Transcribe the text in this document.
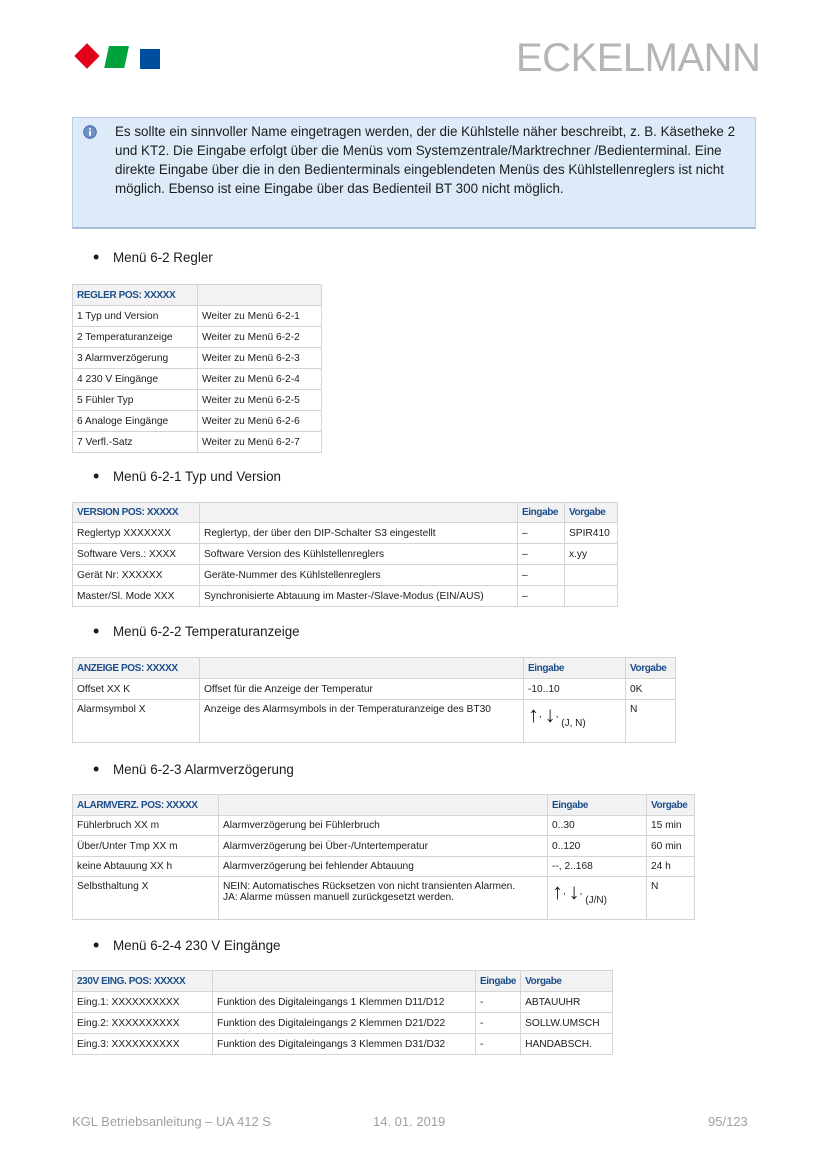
ECKELMANN
Es sollte ein sinnvoller Name eingetragen werden, der die Kühlstelle näher beschreibt, z. B. Käsetheke 2 und KT2. Die Eingabe erfolgt über die Menüs vom Systemzentrale/Marktrechner /Bedienterminal. Eine direkte Eingabe über die in den Bedienterminals eingeblendeten Menüs des Kühlstellenreglers ist nicht möglich. Ebenso ist eine Eingabe über das Bedienteil BT 300 nicht möglich.
• Menü 6-2 Regler
REGLER POS: XXXXX	
1 Typ und Version	Weiter zu Menü 6-2-1
2 Temperaturanzeige	Weiter zu Menü 6-2-2
3 Alarmverzögerung	Weiter zu Menü 6-2-3
4 230 V Eingänge	Weiter zu Menü 6-2-4
5 Fühler Typ	Weiter zu Menü 6-2-5
6 Analoge Eingänge	Weiter zu Menü 6-2-6
7 Verfl.-Satz	Weiter zu Menü 6-2-7
• Menü 6-2-1 Typ und Version
VERSION POS: XXXXX		Eingabe	Vorgabe
Reglertyp XXXXXXX	Reglertyp, der über den DIP-Schalter S3 eingestellt	–	SPIR410
Software Vers.: XXXX	Software Version des Kühlstellenreglers	–	x.yy
Gerät Nr: XXXXXX	Geräte-Nummer des Kühlstellenreglers	–	
Master/Sl. Mode XXX	Synchronisierte Abtauung im Master-/Slave-Modus (EIN/AUS)	–	
• Menü 6-2-2 Temperaturanzeige
ANZEIGE POS: XXXXX		Eingabe	Vorgabe
Offset XX K	Offset für die Anzeige der Temperatur	-10..10	0K
Alarmsymbol X	Anzeige des Alarmsymbols in der Temperaturanzeige des BT30	↑, ↓, (J, N)	N
• Menü 6-2-3 Alarmverzögerung
ALARMVERZ. POS: XXXXX		Eingabe	Vorgabe
Fühlerbruch XX m	Alarmverzögerung bei Fühlerbruch	0..30	15 min
Über/Unter Tmp XX m	Alarmverzögerung bei Über-/Untertemperatur	0..120	60 min
keine Abtauung XX h	Alarmverzögerung bei fehlender Abtauung	--, 2..168	24 h
Selbsthaltung X	NEIN: Automatisches Rücksetzen von nicht transienten Alarmen.
JA: Alarme müssen manuell zurückgesetzt werden.	↑, ↓, (J/N)	N
• Menü 6-2-4 230 V Eingänge
230V EING. POS: XXXXX		Eingabe	Vorgabe
Eing.1: XXXXXXXXXX	Funktion des Digitaleingangs 1 Klemmen D11/D12	-	ABTAUUHR
Eing.2: XXXXXXXXXX	Funktion des Digitaleingangs 2 Klemmen D21/D22	-	SOLLW.UMSCH
Eing.3: XXXXXXXXXX	Funktion des Digitaleingangs 3 Klemmen D31/D32	-	HANDABSCH.
KGL Betriebsanleitung – UA 412 S	14. 01. 2019	95/123
